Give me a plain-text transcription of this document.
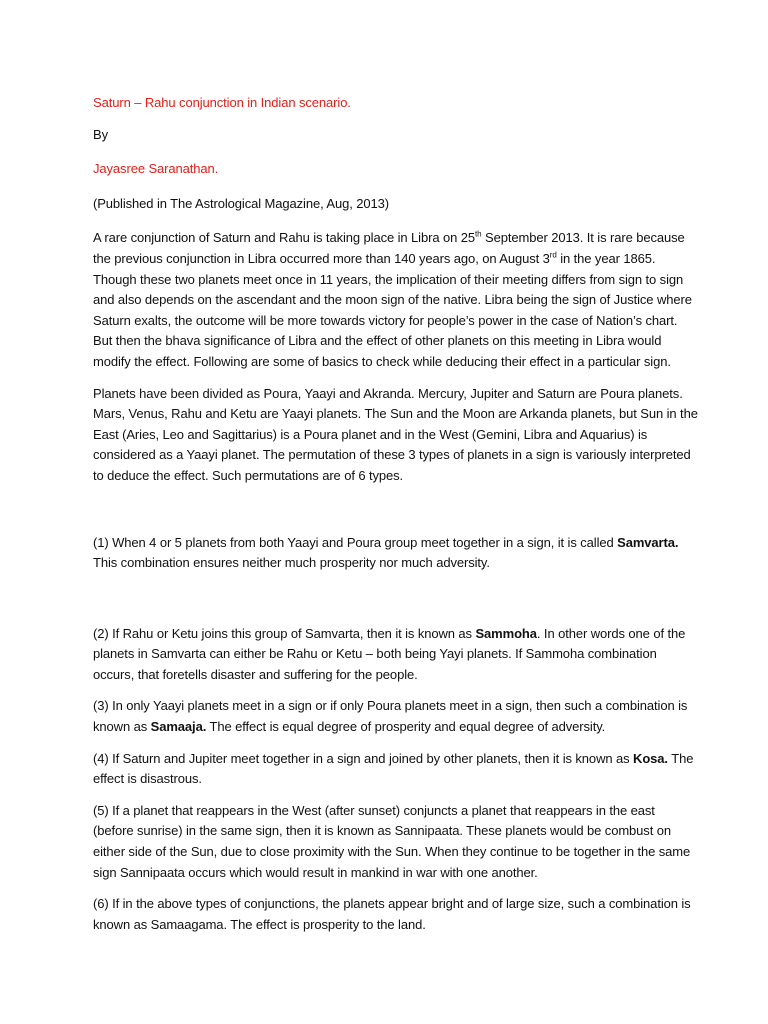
Saturn – Rahu conjunction in Indian scenario.

By

Jayasree Saranathan.

(Published in The Astrological Magazine, Aug, 2013)

A rare conjunction of Saturn and Rahu is taking place in Libra on 25th September 2013. It is rare because the previous conjunction in Libra occurred more than 140 years ago, on August 3rd in the year 1865. Though these two planets meet once in 11 years, the implication of their meeting differs from sign to sign and also depends on the ascendant and the moon sign of the native. Libra being the sign of Justice where Saturn exalts, the outcome will be more towards victory for people’s power in the case of Nation’s chart. But then the bhava significance of Libra and the effect of other planets on this meeting in Libra would modify the effect. Following are some of basics to check while deducing their effect in a particular sign.

Planets have been divided as Poura, Yaayi and Akranda. Mercury, Jupiter and Saturn are Poura planets. Mars, Venus, Rahu and Ketu are Yaayi planets. The Sun and the Moon are Arkanda planets, but Sun in the East (Aries, Leo and Sagittarius) is a Poura planet and in the West (Gemini, Libra and Aquarius) is considered as a Yaayi planet. The permutation of these 3 types of planets in a sign is variously interpreted to deduce the effect. Such permutations are of 6 types.

(1) When 4 or 5 planets from both Yaayi and Poura group meet together in a sign, it is called Samvarta. This combination ensures neither much prosperity nor much adversity.

(2) If Rahu or Ketu joins this group of Samvarta, then it is known as Sammoha. In other words one of the planets in Samvarta can either be Rahu or Ketu – both being Yayi planets. If Sammoha combination occurs, that foretells disaster and suffering for the people.

(3) In only Yaayi planets meet in a sign or if only Poura planets meet in a sign, then such a combination is known as Samaaja. The effect is equal degree of prosperity and equal degree of adversity.

(4) If Saturn and Jupiter meet together in a sign and joined by other planets, then it is known as Kosa. The effect is disastrous.

(5) If a planet that reappears in the West (after sunset) conjuncts a planet that reappears in the east (before sunrise) in the same sign, then it is known as Sannipaata. These planets would be combust on either side of the Sun, due to close proximity with the Sun. When they continue to be together in the same sign Sannipaata occurs which would result in mankind in war with one another.

(6) If in the above types of conjunctions, the planets appear bright and of large size, such a combination is known as Samaagama. The effect is prosperity to the land.
